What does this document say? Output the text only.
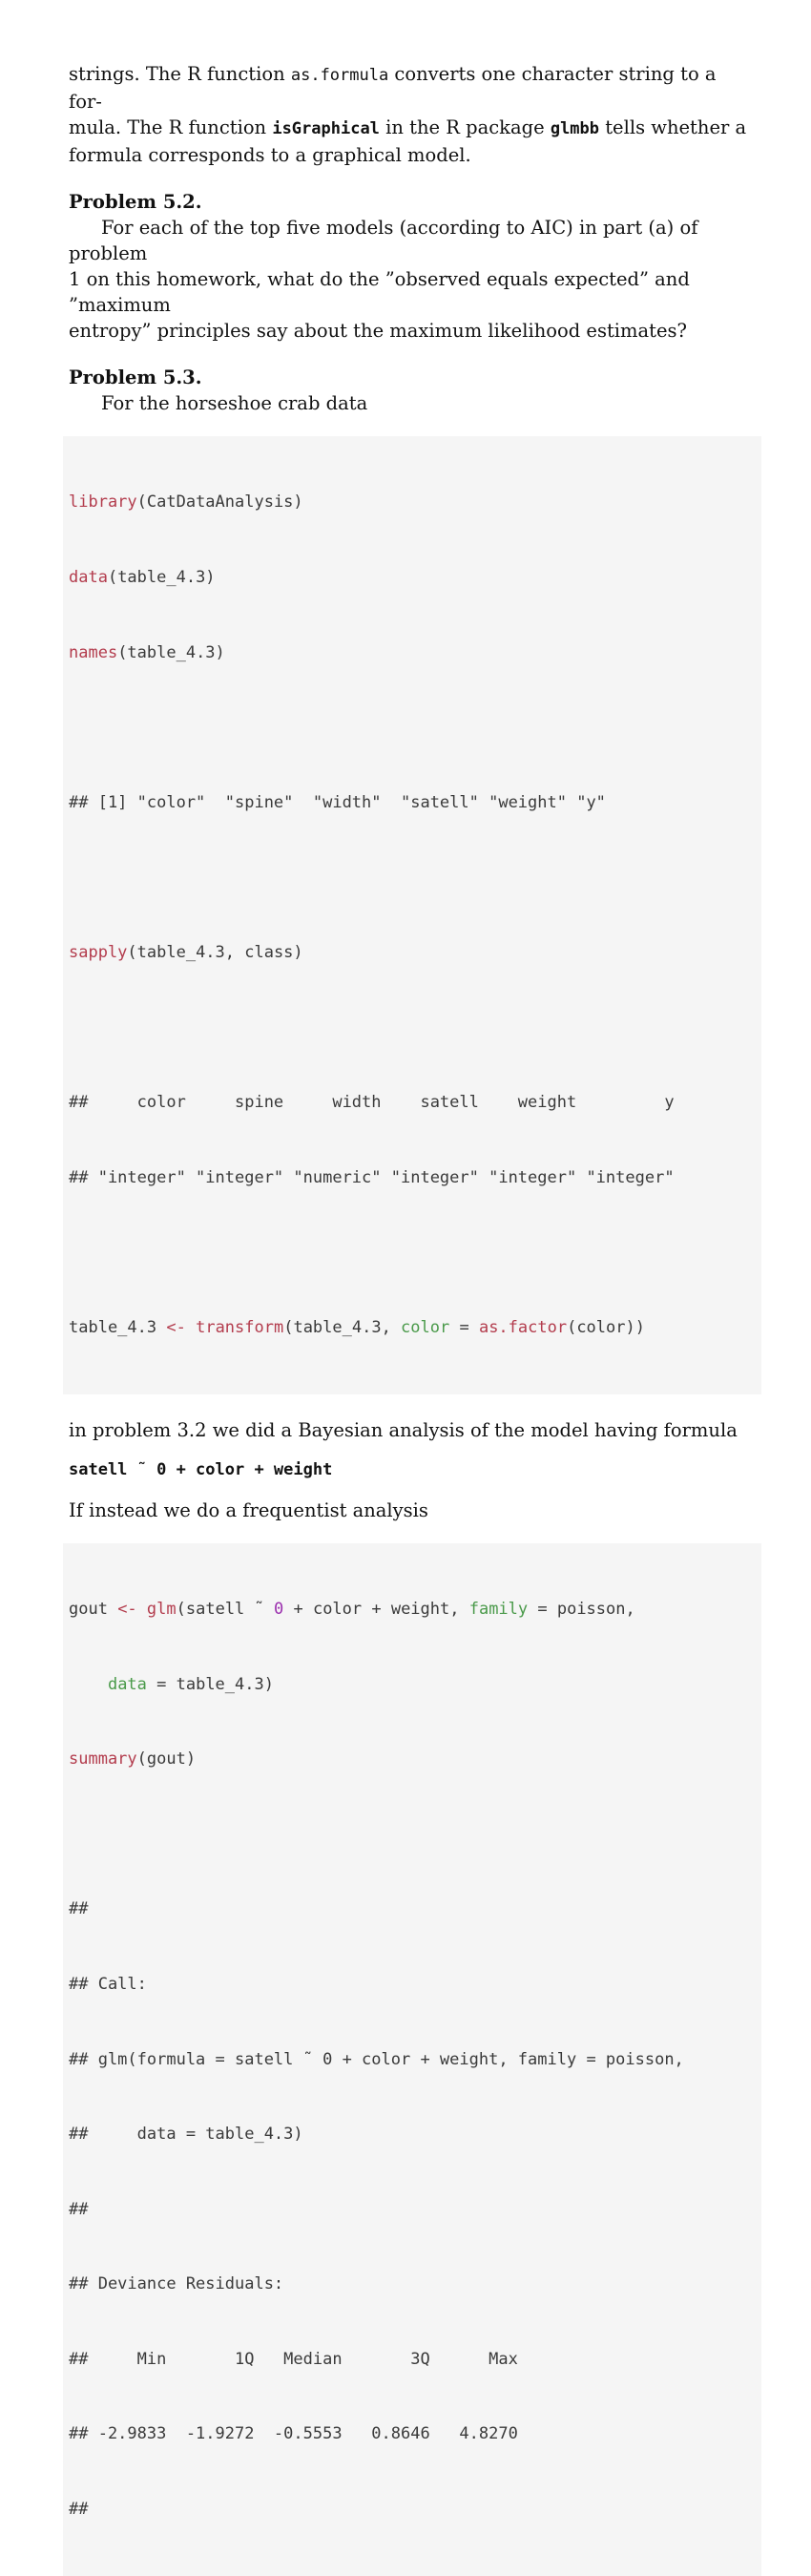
strings. The R function as.formula converts one character string to a for-
mula. The R function isGraphical in the R package glmbb tells whether a
formula corresponds to a graphical model.

Problem 5.2.

For each of the top five models (according to AIC) in part (a) of problem
1 on this homework, what do the ”observed equals expected” and ”maximum
entropy” principles say about the maximum likelihood estimates?

Problem 5.3.

For the horseshoe crab data

library(CatDataAnalysis)

data(table_4.3)

names(table_4.3)

## [1] "color"  "spine"  "width"  "satell" "weight" "y"

sapply(table_4.3, class)

##     color     spine     width    satell    weight         y

## "integer" "integer" "numeric" "integer" "integer" "integer"

table_4.3 <- transform(table_4.3, color = as.factor(color))

in problem 3.2 we did a Bayesian analysis of the model having formula

satell ˜ 0 + color + weight

If instead we do a frequentist analysis

gout <- glm(satell ˜ 0 + color + weight, family = poisson,

data = table_4.3)

summary(gout)

##

## Call:

## glm(formula = satell ˜ 0 + color + weight, family = poisson,

##     data = table_4.3)

##

## Deviance Residuals:

##     Min       1Q   Median       3Q      Max

## -2.9833  -1.9272  -0.5553   0.8646   4.8270

##
